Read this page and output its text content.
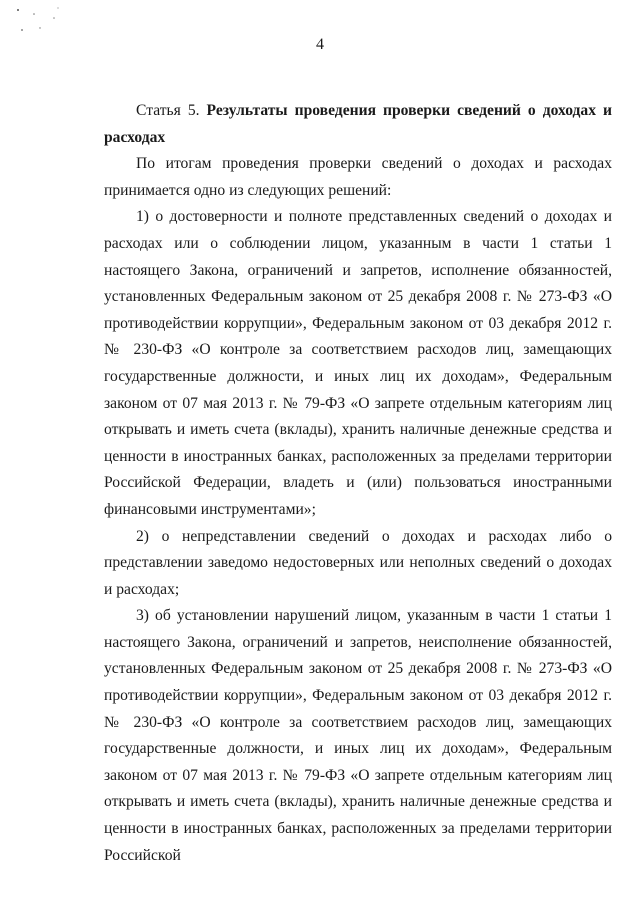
4

Статья 5. Результаты проведения проверки сведений о доходах и расходах

По итогам проведения проверки сведений о доходах и расходах принимается одно из следующих решений:

1) о достоверности и полноте представленных сведений о доходах и расходах или о соблюдении лицом, указанным в части 1 статьи 1 настоящего Закона, ограничений и запретов, исполнение обязанностей, установленных Федеральным законом от 25 декабря 2008 г. № 273-ФЗ «О противодействии коррупции», Федеральным законом от 03 декабря 2012 г. № 230-ФЗ «О контроле за соответствием расходов лиц, замещающих государственные должности, и иных лиц их доходам», Федеральным законом от 07 мая 2013 г. № 79-ФЗ «О запрете отдельным категориям лиц открывать и иметь счета (вклады), хранить наличные денежные средства и ценности в иностранных банках, расположенных за пределами территории Российской Федерации, владеть и (или) пользоваться иностранными финансовыми инструментами»;

2) о непредставлении сведений о доходах и расходах либо о представлении заведомо недостоверных или неполных сведений о доходах и расходах;

3) об установлении нарушений лицом, указанным в части 1 статьи 1 настоящего Закона, ограничений и запретов, неисполнение обязанностей, установленных Федеральным законом от 25 декабря 2008 г. № 273-ФЗ «О противодействии коррупции», Федеральным законом от 03 декабря 2012 г. № 230-ФЗ «О контроле за соответствием расходов лиц, замещающих государственные должности, и иных лиц их доходам», Федеральным законом от 07 мая 2013 г. № 79-ФЗ «О запрете отдельным категориям лиц открывать и иметь счета (вклады), хранить наличные денежные средства и ценности в иностранных банках, расположенных за пределами территории Российской
